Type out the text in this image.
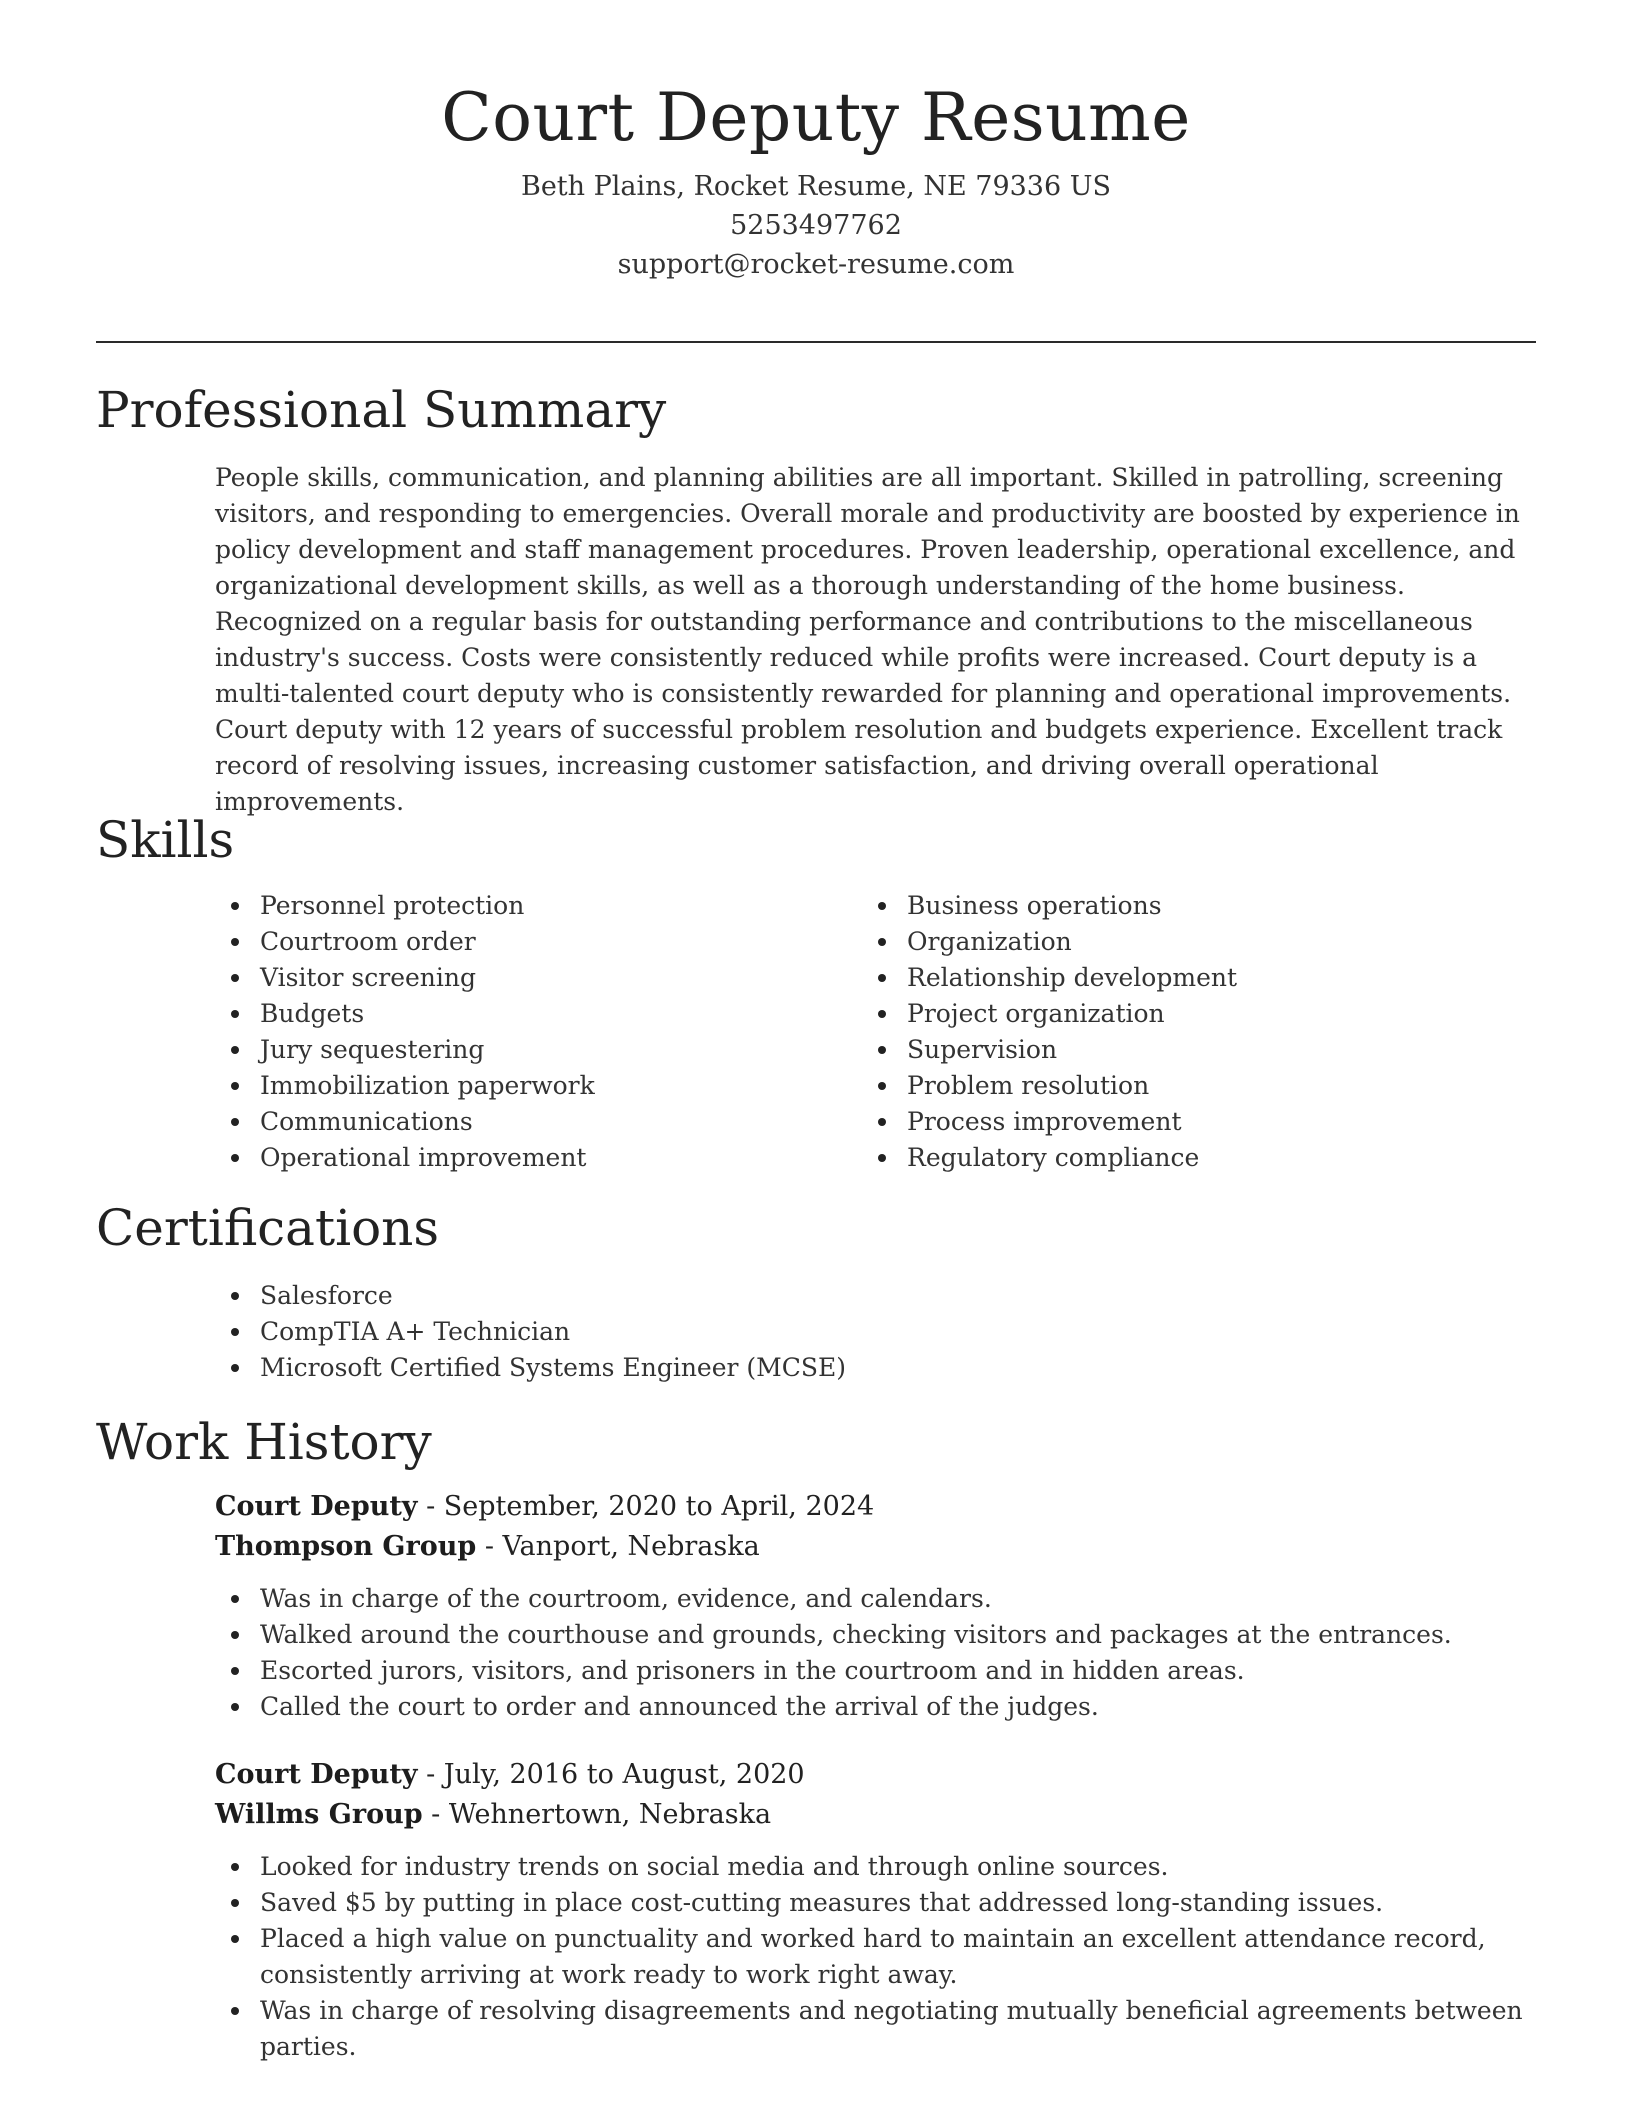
Court Deputy Resume
Beth Plains, Rocket Resume, NE 79336 US
5253497762
support@rocket-resume.com
Professional Summary

People skills, communication, and planning abilities are all important. Skilled in patrolling, screening visitors, and responding to emergencies. Overall morale and productivity are boosted by experience in policy development and staff management procedures. Proven leadership, operational excellence, and organizational development skills, as well as a thorough understanding of the home business. Recognized on a regular basis for outstanding performance and contributions to the miscellaneous industry's success. Costs were consistently reduced while profits were increased. Court deputy is a multi-talented court deputy who is consistently rewarded for planning and operational improvements. Court deputy with 12 years of successful problem resolution and budgets experience. Excellent track record of resolving issues, increasing customer satisfaction, and driving overall operational improvements.

Skills
Personnel protection
Courtroom order
Visitor screening
Budgets
Jury sequestering
Immobilization paperwork
Communications
Operational improvement
Business operations
Organization
Relationship development
Project organization
Supervision
Problem resolution
Process improvement
Regulatory compliance
Certifications
Salesforce
CompTIA A+ Technician
Microsoft Certified Systems Engineer (MCSE)
Work History
Court Deputy - September, 2020 to April, 2024
Thompson Group - Vanport, Nebraska
Was in charge of the courtroom, evidence, and calendars.
Walked around the courthouse and grounds, checking visitors and packages at the entrances.
Escorted jurors, visitors, and prisoners in the courtroom and in hidden areas.
Called the court to order and announced the arrival of the judges.
Court Deputy - July, 2016 to August, 2020
Willms Group - Wehnertown, Nebraska
Looked for industry trends on social media and through online sources.
Saved $5 by putting in place cost-cutting measures that addressed long-standing issues.
Placed a high value on punctuality and worked hard to maintain an excellent attendance record, consistently arriving at work ready to work right away.
Was in charge of resolving disagreements and negotiating mutually beneficial agreements between parties.
